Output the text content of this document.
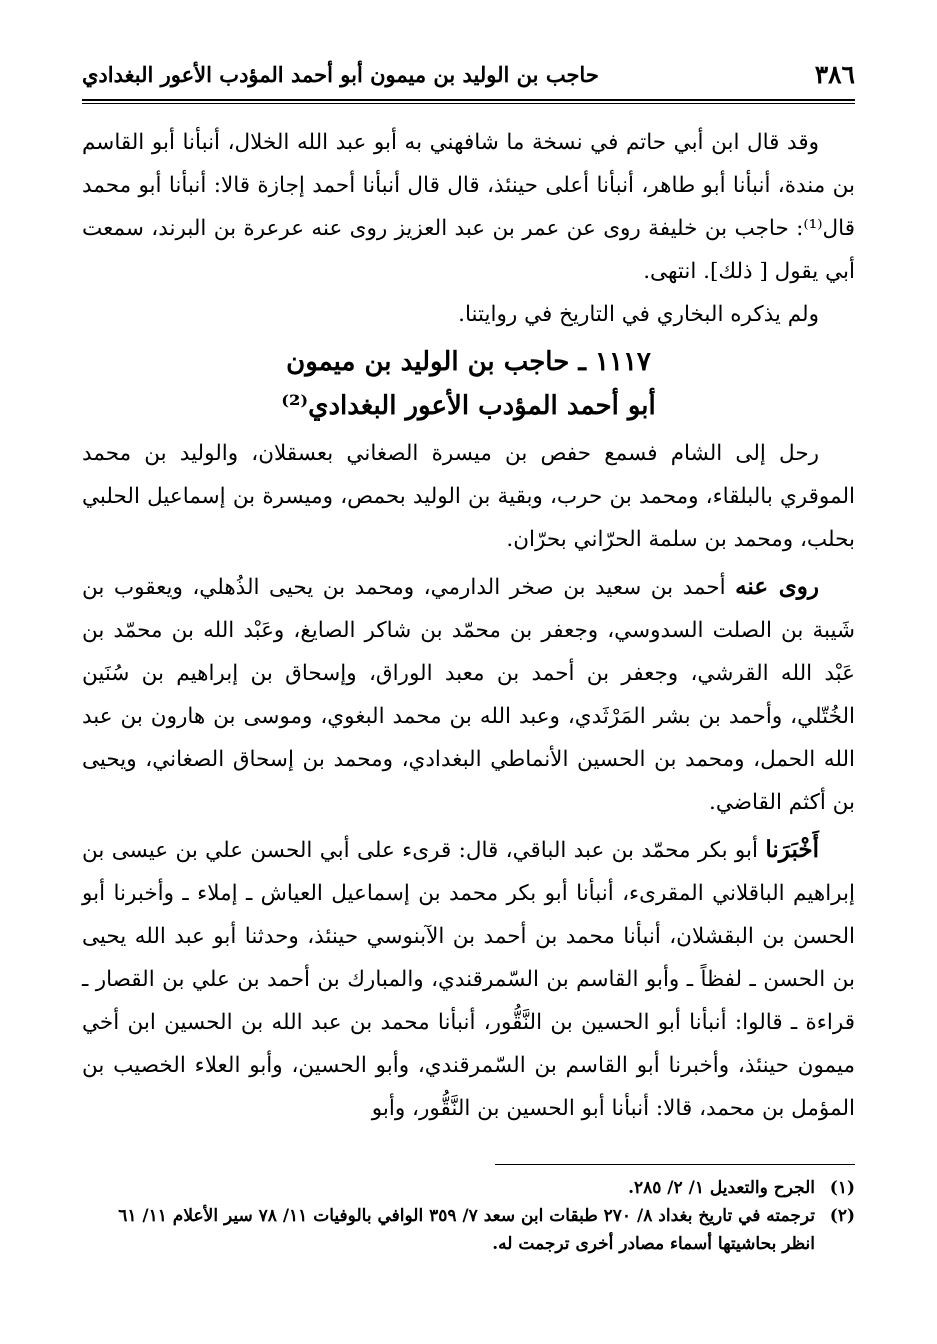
٣٨٦
حاجب بن الوليد بن ميمون أبو أحمد المؤدب الأعور البغدادي

وقد قال ابن أبي حاتم في نسخة ما شافهني به أبو عبد الله الخلال، أنبأنا أبو القاسم بن مندة، أنبأنا أبو طاهر، أنبأنا أعلى حينئذ، قال قال أنبأنا أحمد إجازة قالا: أنبأنا أبو محمد قال⁽¹⁾: حاجب بن خليفة روى عن عمر بن عبد العزيز روى عنه عرعرة بن البرند، سمعت أبي يقول [ ذلك]. انتهى.

ولم يذكره البخاري في التاريخ في روايتنا.

١١١٧ ـ حاجب بن الوليد بن ميمون
أبو أحمد المؤدب الأعور البغدادي⁽²⁾

رحل إلى الشام فسمع حفص بن ميسرة الصغاني بعسقلان، والوليد بن محمد الموقري بالبلقاء، ومحمد بن حرب، وبقية بن الوليد بحمص، وميسرة بن إسماعيل الحلبي بحلب، ومحمد بن سلمة الحرّاني بحرّان.

روى عنه أحمد بن سعيد بن صخر الدارمي، ومحمد بن يحيى الذُهلي، ويعقوب بن شَيبة بن الصلت السدوسي، وجعفر بن محمّد بن شاكر الصايغ، وعَبْد الله بن محمّد بن عَبْد الله القرشي، وجعفر بن أحمد بن معبد الوراق، وإسحاق بن إبراهيم بن سُنَين الخُتّلي، وأحمد بن بشر المَرْثَدي، وعبد الله بن محمد البغوي، وموسى بن هارون بن عبد الله الحمل، ومحمد بن الحسين الأنماطي البغدادي، ومحمد بن إسحاق الصغاني، ويحيى بن أكثم القاضي.

أَخْبَرَنا أبو بكر محمّد بن عبد الباقي، قال: قرىء على أبي الحسن علي بن عيسى بن إبراهيم الباقلاني المقرىء، أنبأنا أبو بكر محمد بن إسماعيل العياش ـ إملاء ـ وأخبرنا أبو الحسن بن البقشلان، أنبأنا محمد بن أحمد بن الآبنوسي حينئذ، وحدثنا أبو عبد الله يحيى بن الحسن ـ لفظاً ـ وأبو القاسم بن السّمرقندي، والمبارك بن أحمد بن علي بن القصار ـ قراءة ـ قالوا: أنبأنا أبو الحسين بن النَّقُّور، أنبأنا محمد بن عبد الله بن الحسين ابن أخي ميمون حينئذ، وأخبرنا أبو القاسم بن السّمرقندي، وأبو الحسين، وأبو العلاء الخصيب بن المؤمل بن محمد، قالا: أنبأنا أبو الحسين بن النَّقُّور، وأبو

(١)الجرح والتعديل ١/ ٢/ ٢٨٥.

(٢)ترجمته في تاريخ بغداد ٨/ ٢٧٠ طبقات ابن سعد ٧/ ٣٥٩ الوافي بالوفيات ١١/ ٧٨ سير الأعلام ١١/ ٦١

انظر بحاشيتها أسماء مصادر أخرى ترجمت له.
